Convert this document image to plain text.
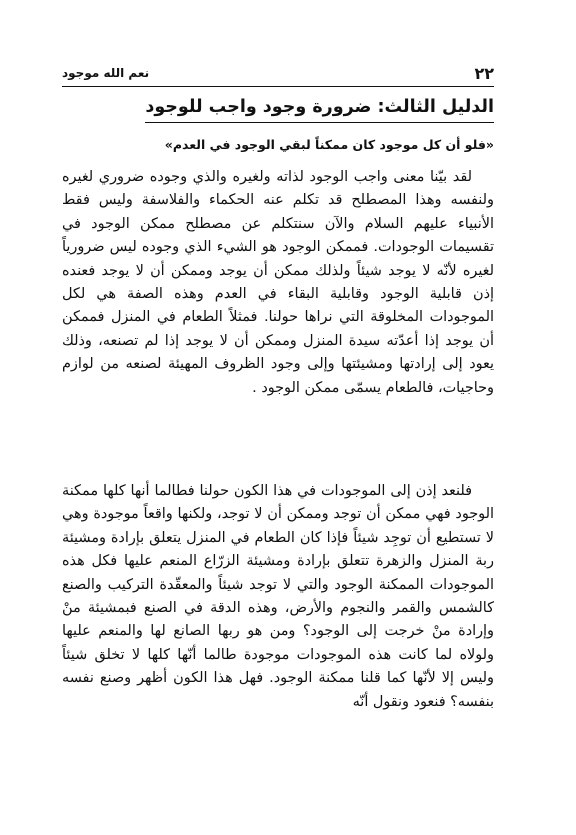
٢٢
نعم الله موجود
الدليل الثالث: ضرورة وجود واجب للوجود
«فلو أن كل موجود كان ممكناً لبقي الوجود في العدم»
لقد بيّنا معنى واجب الوجود لذاته ولغيره والذي وجوده ضروري لغيره ولنفسه وهذا المصطلح قد تكلم عنه الحكماء والفلاسفة وليس فقط الأنبياء عليهم السلام والآن سنتكلم عن مصطلح ممكن الوجود في تقسيمات الوجودات. فممكن الوجود هو الشيء الذي وجوده ليس ضرورياً لغيره لأنّه لا يوجد شيئاً ولذلك ممكن أن يوجد وممكن أن لا يوجد فعنده إذن قابلية الوجود وقابلية البقاء في العدم وهذه الصفة هي لكل الموجودات المخلوقة التي نراها حولنا. فمثلاً الطعام في المنزل فممكن أن يوجد إذا أعدّته سيدة المنزل وممكن أن لا يوجد إذا لم تصنعه، وذلك يعود إلى إرادتها ومشيئتها وإلى وجود الظروف المهيئة لصنعه من لوازم وحاجيات، فالطعام يسمّى ممكن الوجود .
فلنعد إذن إلى الموجودات في هذا الكون حولنا فطالما أنها كلها ممكنة الوجود فهي ممكن أن توجد وممكن أن لا توجد، ولكنها واقعاً موجودة وهي لا تستطيع أن توجِد شيئاً فإذا كان الطعام في المنزل يتعلق بإرادة ومشيئة ربة المنزل والزهرة تتعلق بإرادة ومشيئة الزرّاع المنعم عليها فكل هذه الموجودات الممكنة الوجود والتي لا توجد شيئاً والمعقّدة التركيب والصنع كالشمس والقمر والنجوم والأرض، وهذه الدقة في الصنع فبمشيئة منْ وإرادة منْ خرجت إلى الوجود؟ ومن هو ربها الصانع لها والمنعم عليها ولولاه لما كانت هذه الموجودات موجودة طالما أنّها كلها لا تخلق شيئاً وليس إلا لأنّها كما قلنا ممكنة الوجود. فهل هذا الكون أظهر وصنع نفسه بنفسه؟ فنعود ونقول أنّه
